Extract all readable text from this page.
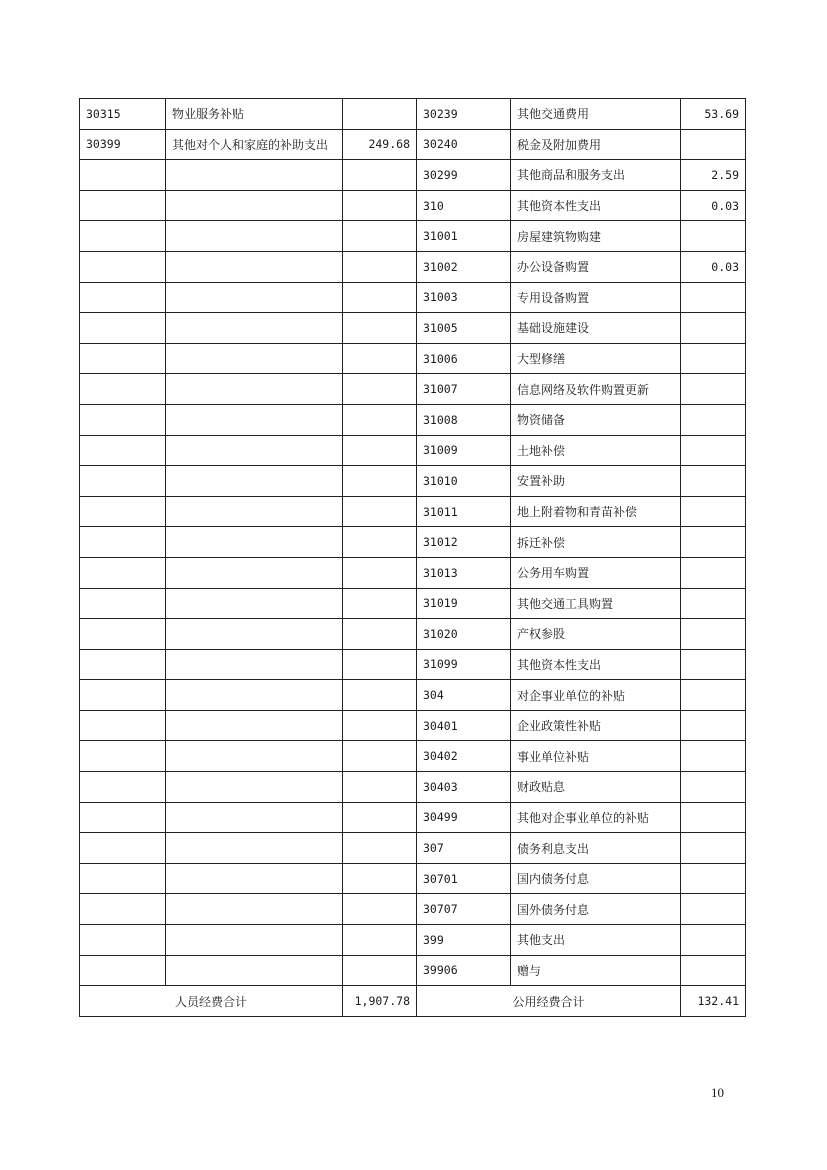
30315	物业服务补贴		30239	其他交通费用	53.69
30399	其他对个人和家庭的补助支出	249.68	30240	税金及附加费用	
			30299	其他商品和服务支出	2.59
			310	其他资本性支出	0.03
			31001	房屋建筑物购建	
			31002	办公设备购置	0.03
			31003	专用设备购置	
			31005	基础设施建设	
			31006	大型修缮	
			31007	信息网络及软件购置更新	
			31008	物资储备	
			31009	土地补偿	
			31010	安置补助	
			31011	地上附着物和青苗补偿	
			31012	拆迁补偿	
			31013	公务用车购置	
			31019	其他交通工具购置	
			31020	产权参股	
			31099	其他资本性支出	
			304	对企事业单位的补贴	
			30401	企业政策性补贴	
			30402	事业单位补贴	
			30403	财政贴息	
			30499	其他对企事业单位的补贴	
			307	债务利息支出	
			30701	国内债务付息	
			30707	国外债务付息	
			399	其他支出	
			39906	赠与	
人员经费合计		1,907.78	公用经费合计		132.41
10
